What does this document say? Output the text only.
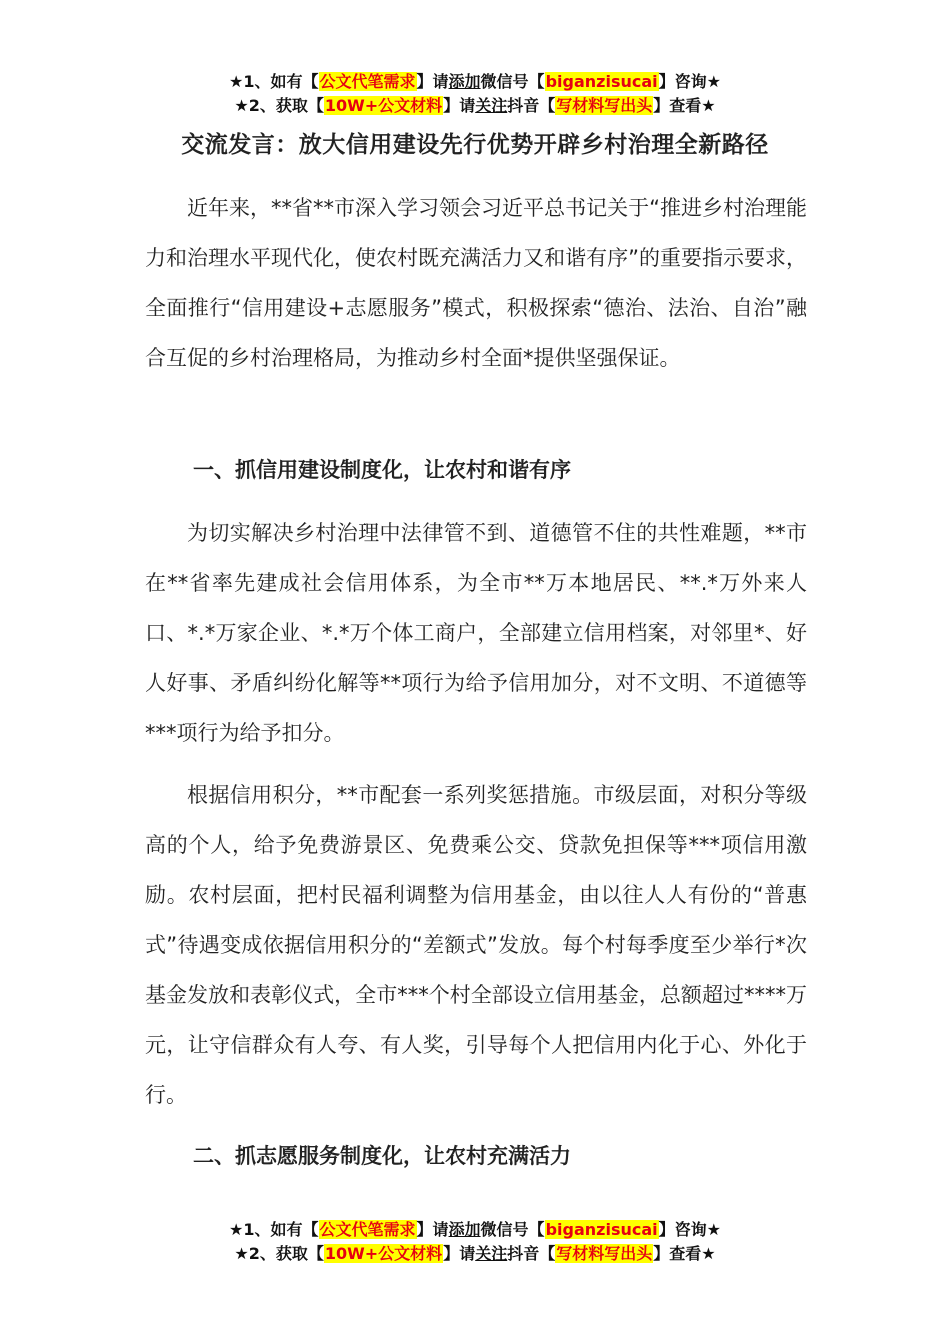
★1、如有【公文代笔需求】请添加微信号【biganzisucai】咨询★
★2、获取【10W+公文材料】请关注抖音【写材料写出头】查看★
交流发言：放大信用建设先行优势开辟乡村治理全新路径

近年来，**省**市深入学习领会习近平总书记关于“推进乡村治理能力和治理水平现代化，使农村既充满活力又和谐有序”的重要指示要求，全面推行“信用建设+志愿服务”模式，积极探索“德治、法治、自治”融合互促的乡村治理格局，为推动乡村全面*提供坚强保证。

一、抓信用建设制度化，让农村和谐有序

为切实解决乡村治理中法律管不到、道德管不住的共性难题，**市在**省率先建成社会信用体系，为全市**万本地居民、**.*万外来人口、*.*万家企业、*.*万个体工商户，全部建立信用档案，对邻里*、好人好事、矛盾纠纷化解等**项行为给予信用加分，对不文明、不道德等***项行为给予扣分。

根据信用积分，**市配套一系列奖惩措施。市级层面，对积分等级高的个人，给予免费游景区、免费乘公交、贷款免担保等***项信用激励。农村层面，把村民福利调整为信用基金，由以往人人有份的“普惠式”待遇变成依据信用积分的“差额式”发放。每个村每季度至少举行*次基金发放和表彰仪式，全市***个村全部设立信用基金，总额超过****万元，让守信群众有人夸、有人奖，引导每个人把信用内化于心、外化于行。

二、抓志愿服务制度化，让农村充满活力

★1、如有【公文代笔需求】请添加微信号【biganzisucai】咨询★
★2、获取【10W+公文材料】请关注抖音【写材料写出头】查看★
